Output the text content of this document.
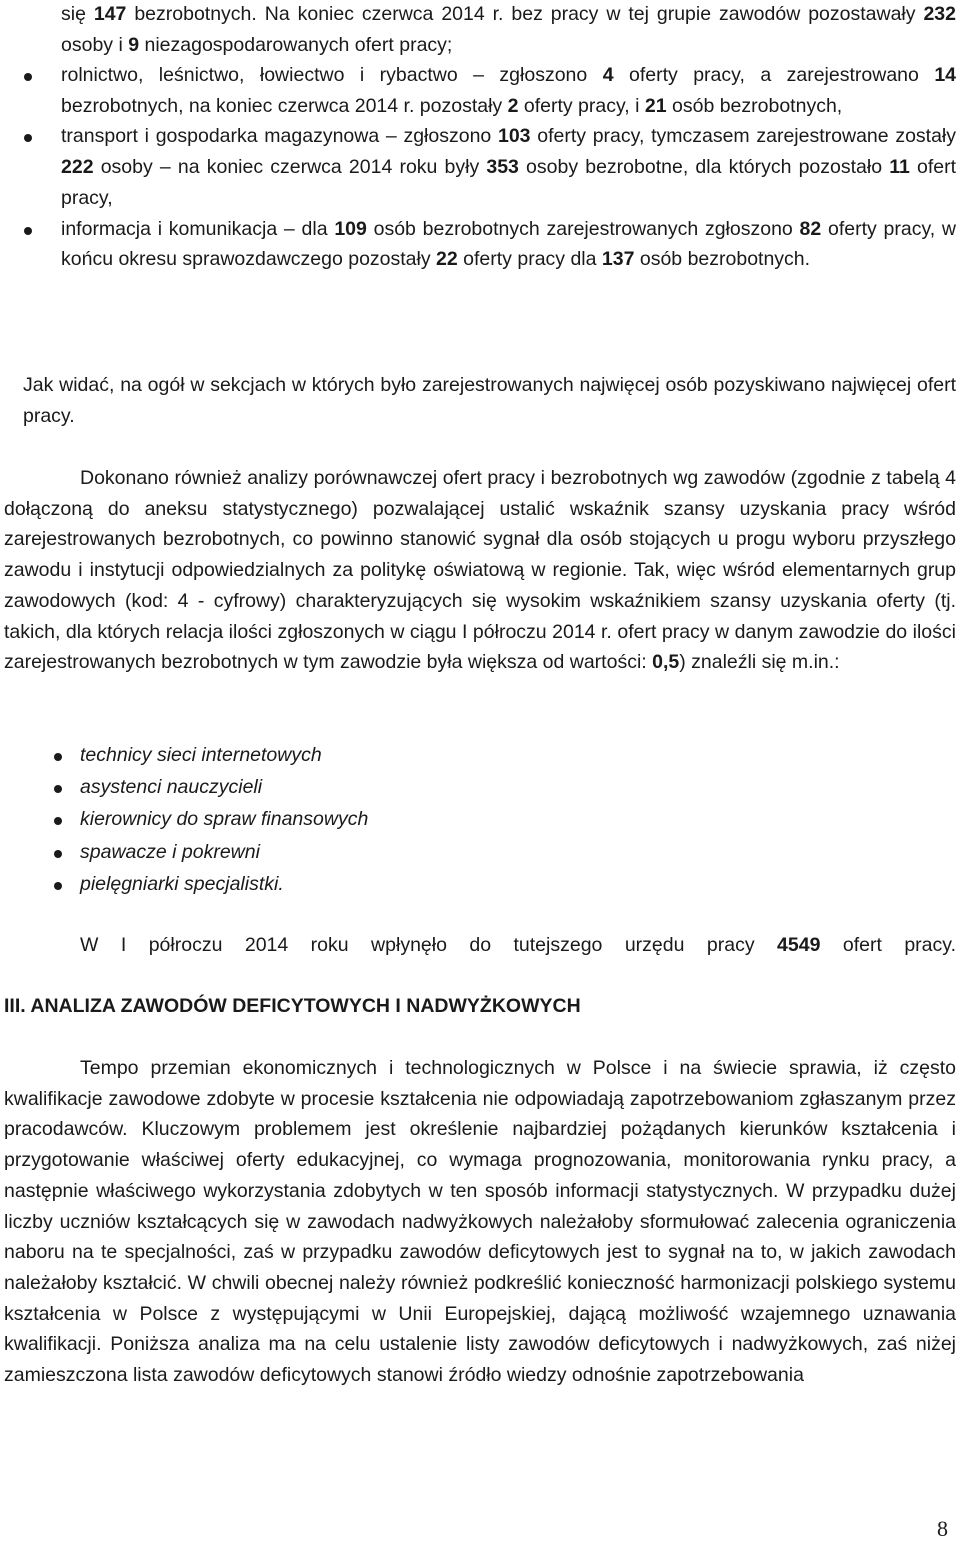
się 147 bezrobotnych. Na koniec czerwca 2014 r. bez pracy w tej grupie zawodów pozostawały 232 osoby i 9 niezagospodarowanych ofert pracy;
rolnictwo, leśnictwo, łowiectwo i rybactwo – zgłoszono 4 oferty pracy, a zarejestrowano 14 bezrobotnych, na koniec czerwca 2014 r. pozostały 2 oferty pracy, i 21 osób bezrobotnych,
transport i gospodarka magazynowa – zgłoszono 103 oferty pracy, tymczasem zarejestrowane zostały 222 osoby – na koniec czerwca 2014 roku były 353 osoby bezrobotne, dla których pozostało 11 ofert pracy,
informacja i komunikacja – dla 109 osób bezrobotnych zarejestrowanych zgłoszono 82 oferty pracy, w końcu okresu sprawozdawczego pozostały 22 oferty pracy dla 137 osób bezrobotnych.
Jak widać, na ogół w sekcjach w których było zarejestrowanych najwięcej osób pozyskiwano najwięcej ofert pracy.
Dokonano również analizy porównawczej ofert pracy i bezrobotnych wg zawodów (zgodnie z tabelą 4 dołączoną do aneksu statystycznego) pozwalającej ustalić wskaźnik szansy uzyskania pracy wśród zarejestrowanych bezrobotnych, co powinno stanowić sygnał dla osób stojących u progu wyboru przyszłego zawodu i instytucji odpowiedzialnych za politykę oświatową w regionie. Tak, więc wśród elementarnych grup zawodowych (kod: 4 - cyfrowy) charakteryzujących się wysokim wskaźnikiem szansy uzyskania oferty (tj. takich, dla których relacja ilości zgłoszonych w ciągu I półroczu 2014 r. ofert pracy w danym zawodzie do ilości zarejestrowanych bezrobotnych w tym zawodzie była większa od wartości: 0,5) znaleźli się m.in.:
technicy sieci internetowych
asystenci nauczycieli
kierownicy do spraw finansowych
spawacze i pokrewni
pielęgniarki specjalistki.
W I półroczu 2014 roku wpłynęło do tutejszego urzędu pracy 4549 ofert pracy.
III. ANALIZA ZAWODÓW DEFICYTOWYCH I NADWYŻKOWYCH
Tempo przemian ekonomicznych i technologicznych w Polsce i na świecie sprawia, iż często kwalifikacje zawodowe zdobyte w procesie kształcenia nie odpowiadają zapotrzebowaniom zgłaszanym przez pracodawców. Kluczowym problemem jest określenie najbardziej pożądanych kierunków kształcenia i przygotowanie właściwej oferty edukacyjnej, co wymaga prognozowania, monitorowania rynku pracy, a następnie właściwego wykorzystania zdobytych w ten sposób informacji statystycznych. W przypadku dużej liczby uczniów kształcących się w zawodach nadwyżkowych należałoby sformułować zalecenia ograniczenia naboru na te specjalności, zaś w przypadku zawodów deficytowych jest to sygnał na to, w jakich zawodach należałoby kształcić. W chwili obecnej należy również podkreślić konieczność harmonizacji polskiego systemu kształcenia w Polsce z występującymi w Unii Europejskiej, dającą możliwość wzajemnego uznawania kwalifikacji. Poniższa analiza ma na celu ustalenie listy zawodów deficytowych i nadwyżkowych, zaś niżej zamieszczona lista zawodów deficytowych stanowi źródło wiedzy odnośnie zapotrzebowania
8
